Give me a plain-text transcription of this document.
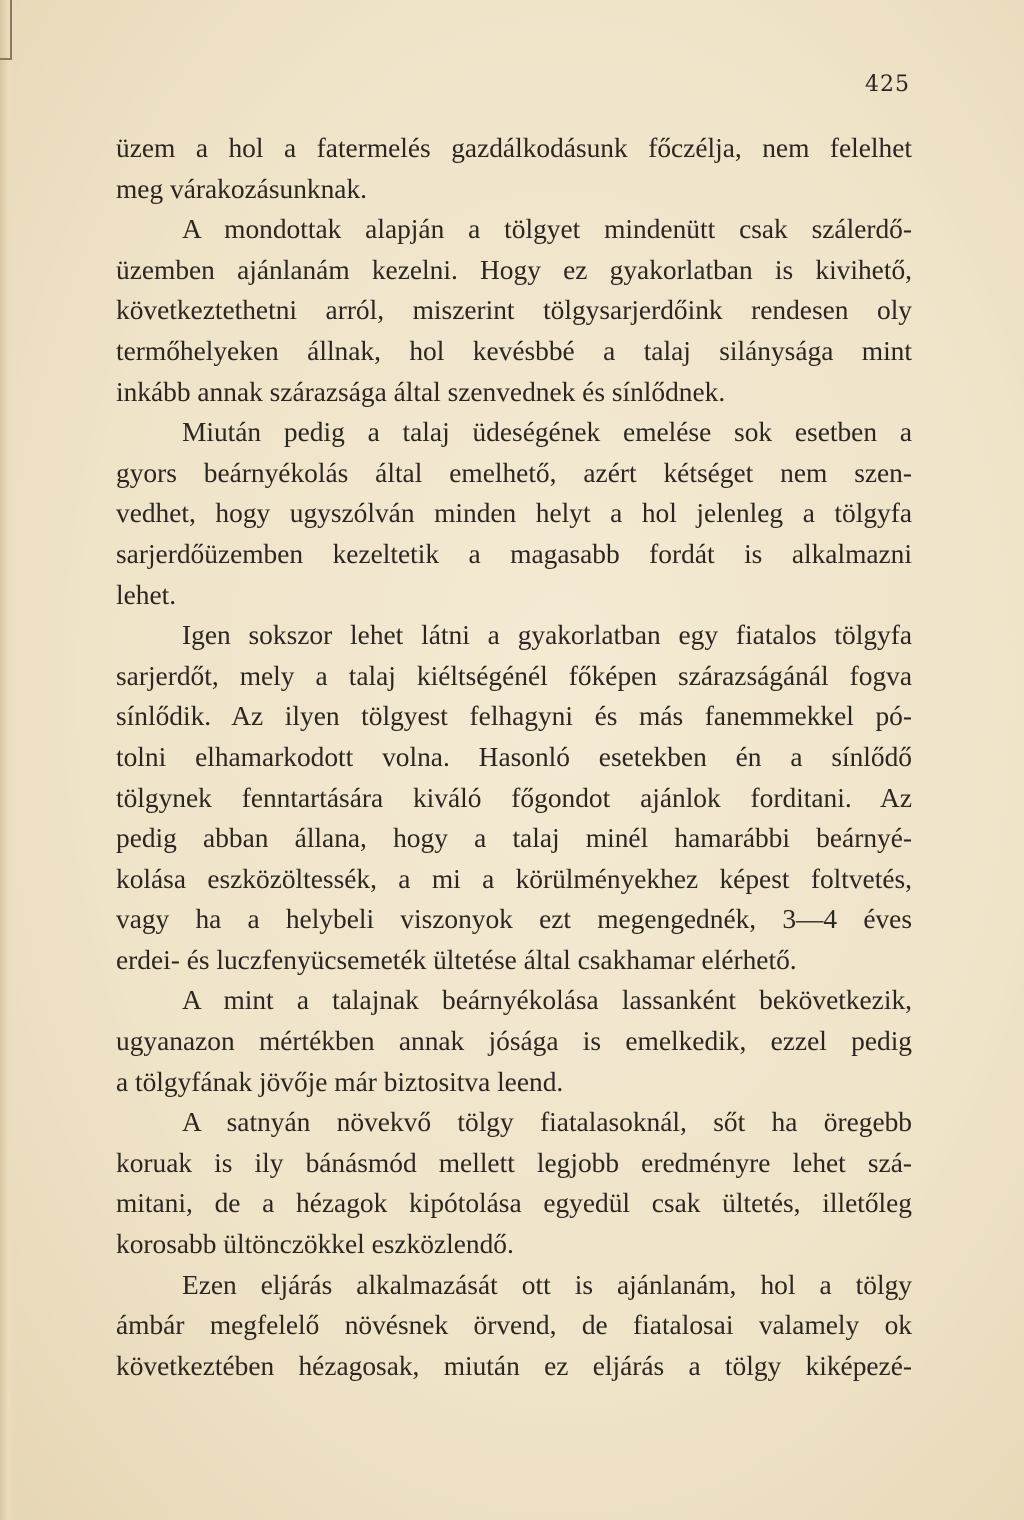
425

üzem a hol a fatermelés gazdálkodásunk főczélja, nem felelhet
meg várakozásunknak.

A mondottak alapján a tölgyet mindenütt csak szálerdő-
üzemben ajánlanám kezelni. Hogy ez gyakorlatban is kivihető,
következtethetni arról, miszerint tölgysarjerdőink rendesen oly
termőhelyeken állnak, hol kevésbbé a talaj silánysága mint
inkább annak szárazsága által szenvednek és sínlődnek.

Miután pedig a talaj üdeségének emelése sok esetben a
gyors beárnyékolás által emelhető, azért kétséget nem szen-
vedhet, hogy ugyszólván minden helyt a hol jelenleg a tölgyfa
sarjerdőüzemben kezeltetik a magasabb fordát is alkalmazni
lehet.

Igen sokszor lehet látni a gyakorlatban egy fiatalos tölgyfa
sarjerdőt, mely a talaj kiéltségénél főképen szárazságánál fogva
sínlődik. Az ilyen tölgyest felhagyni és más fanemmekkel pó-
tolni elhamarkodott volna. Hasonló esetekben én a sínlődő
tölgynek fenntartására kiváló főgondot ajánlok forditani. Az
pedig abban állana, hogy a talaj minél hamarábbi beárnyé-
kolása eszközöltessék, a mi a körülményekhez képest foltvetés,
vagy ha a helybeli viszonyok ezt megengednék, 3—4 éves
erdei- és luczfenyücsemeték ültetése által csakhamar elérhető.

A mint a talajnak beárnyékolása lassanként bekövetkezik,
ugyanazon mértékben annak jósága is emelkedik, ezzel pedig
a tölgyfának jövője már biztositva leend.

A satnyán növekvő tölgy fiatalasoknál, sőt ha öregebb
koruak is ily bánásmód mellett legjobb eredményre lehet szá-
mitani, de a hézagok kipótolása egyedül csak ültetés, illetőleg
korosabb ültönczökkel eszközlendő.

Ezen eljárás alkalmazását ott is ajánlanám, hol a tölgy
ámbár megfelelő növésnek örvend, de fiatalosai valamely ok
következtében hézagosak, miután ez eljárás a tölgy kiképezé-
